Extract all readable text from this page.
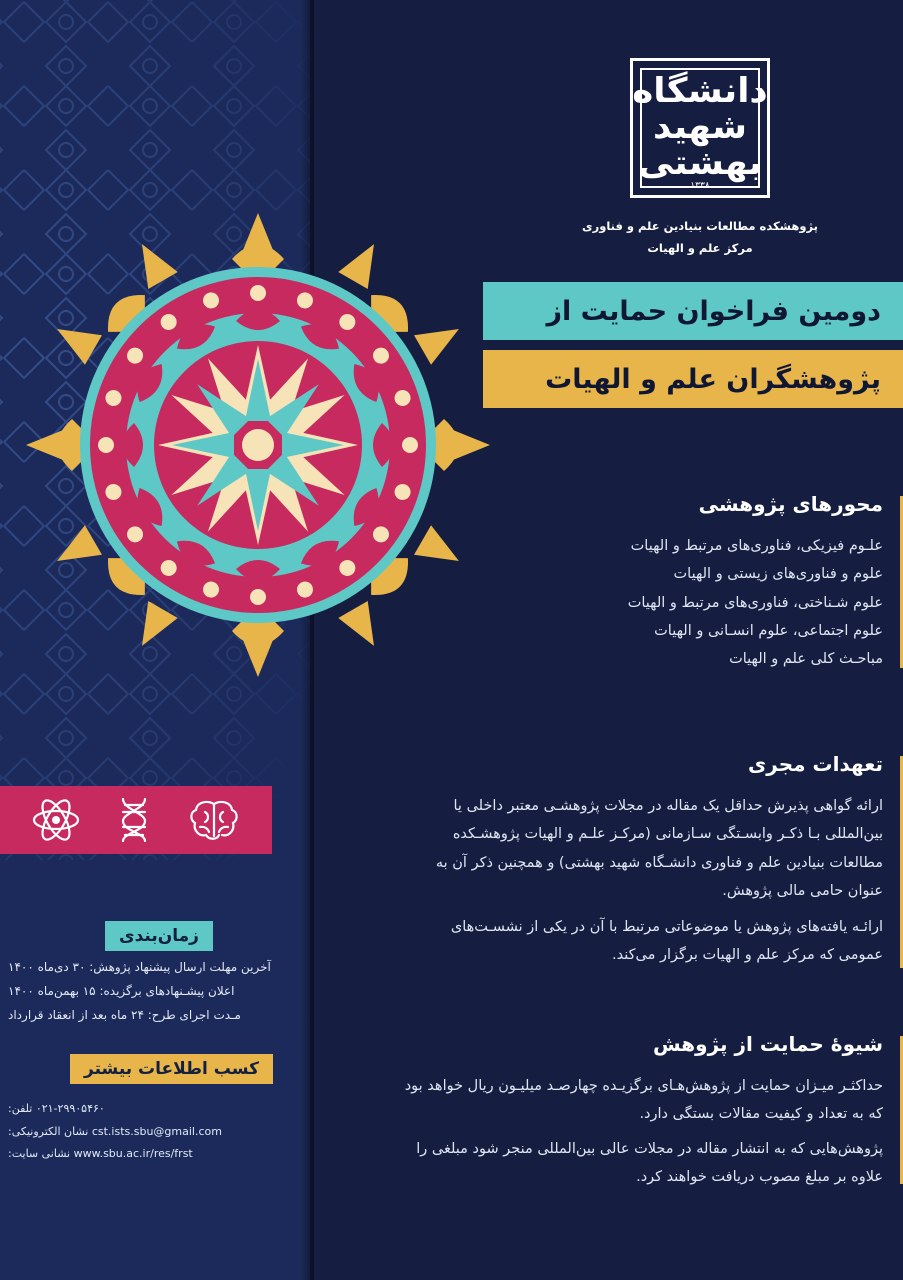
دانشگاه شهید بهشتی
۱۳۳۸
پژوهشکده مطالعات بنیادین علم و فناوری
مرکز علم و الهیات
دومین فراخوان حمایت از
پژوهشگران علم و الهیات
محورهای پژوهشی
علـوم فیزیکی، فناوری‌های مرتبط و الهیات
علوم و فناوری‌های زیستی و الهیات
علوم شـناختی، فناوری‌های مرتبط و الهیات
علوم اجتماعی، علوم انسـانی و الهیات
مباحـث کلی علم و الهیات
تعهدات مجری

ارائه گواهی پذیرش حداقل یک مقاله در مجلات پژوهشـی معتبر داخلی یا بین‌المللی بـا ذکـر وابسـتگی سـازمانی (مرکـز علـم و الهیات پژوهشـکده مطالعات بنیادین علم و فناوری دانشـگاه شهید بهشتی) و همچنین ذکر آن به عنوان حامی مالی پژوهش.

ارائـه یافته‌های پژوهش یا موضوعاتی مرتبط با آن در یکی از نشسـت‌های عمومی که مرکز علم و الهیات برگزار می‌کند.

شیوهٔ حمایت از پژوهش

حداکثـر میـزان حمایت از پژوهش‌هـای برگزیـده چهارصـد میلیـون ریال خواهد بود که به تعداد و کیفیت مقالات بستگی دارد.

پژوهش‌هایی که به انتشار مقاله در مجلات عالی بین‌المللی منجر شود مبلغی را علاوه بر مبلغ مصوب دریافت خواهند کرد.

زمان‌بندی
آخرین مهلت ارسال پیشنهاد پژوهش: ۳۰ دی‌ماه ۱۴۰۰
اعلان پیشـنهادهای برگزیده: ۱۵ بهمن‌ماه ۱۴۰۰
مـدت اجرای طرح: ۲۴ ماه بعد از انعقاد قرارداد
کسب اطلاعات بیشتر
۰۲۱-۲۹۹۰۵۴۶۰ تلفن:
cst.ists.sbu@gmail.com نشان الکترونیکی:
www.sbu.ac.ir/res/frst نشانی سایت:
